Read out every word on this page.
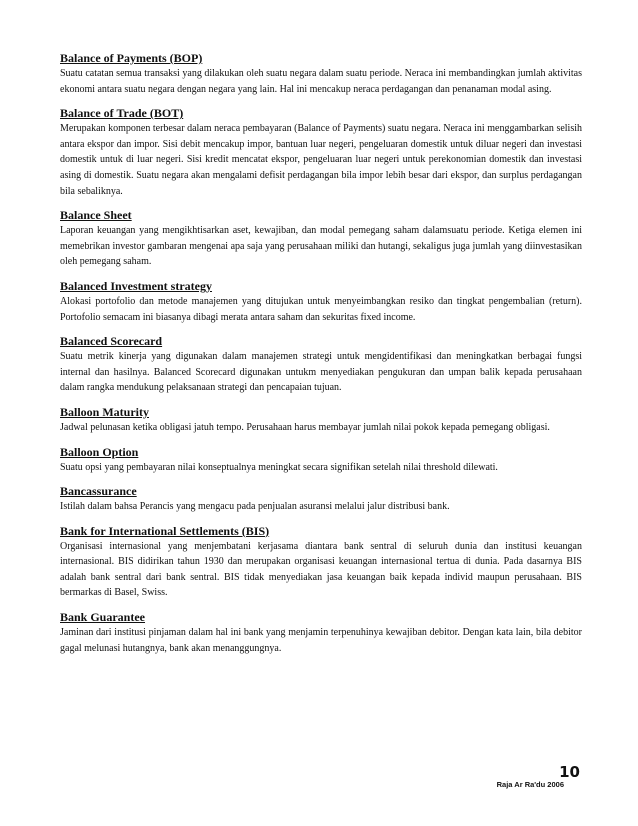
Balance of Payments (BOP)
Suatu catatan semua transaksi yang dilakukan oleh suatu negara dalam suatu periode. Neraca ini membandingkan jumlah aktivitas ekonomi antara suatu negara dengan negara yang lain. Hal ini mencakup neraca perdagangan dan penanaman modal asing.
Balance of Trade (BOT)
Merupakan komponen terbesar dalam neraca pembayaran (Balance of Payments) suatu negara. Neraca ini menggambarkan selisih antara ekspor dan impor. Sisi debit mencakup impor, bantuan luar negeri, pengeluaran domestik untuk diluar negeri dan investasi domestik untuk di luar negeri. Sisi kredit mencatat ekspor, pengeluaran luar negeri untuk perekonomian domestik dan investasi asing di domestik. Suatu negara akan mengalami defisit perdagangan bila impor lebih besar dari ekspor, dan surplus perdagangan bila sebaliknya.
Balance Sheet
Laporan keuangan yang mengikhtisarkan aset, kewajiban, dan modal pemegang saham dalamsuatu periode. Ketiga elemen ini memebrikan investor gambaran mengenai apa saja yang perusahaan miliki dan hutangi, sekaligus juga jumlah yang diinvestasikan oleh pemegang saham.
Balanced Investment strategy
Alokasi portofolio dan metode manajemen yang ditujukan untuk menyeimbangkan resiko dan tingkat pengembalian (return). Portofolio semacam ini biasanya dibagi merata antara saham dan sekuritas fixed income.
Balanced Scorecard
Suatu metrik kinerja yang digunakan dalam manajemen strategi untuk mengidentifikasi dan meningkatkan berbagai fungsi internal dan hasilnya. Balanced Scorecard digunakan untukm menyediakan pengukuran dan umpan balik kepada perusahaan dalam rangka mendukung pelaksanaan strategi dan pencapaian tujuan.
Balloon Maturity
Jadwal pelunasan ketika obligasi jatuh tempo. Perusahaan harus membayar jumlah nilai pokok kepada pemegang obligasi.
Balloon Option
Suatu opsi yang pembayaran nilai konseptualnya meningkat secara signifikan setelah nilai threshold dilewati.
Bancassurance
Istilah dalam bahsa Perancis yang mengacu pada penjualan asuransi melalui jalur distribusi bank.
Bank for International Settlements (BIS)
Organisasi internasional yang menjembatani kerjasama diantara bank sentral di seluruh dunia dan institusi keuangan internasional. BIS didirikan tahun 1930 dan merupakan organisasi keuangan internasional tertua di dunia. Pada dasarnya BIS adalah bank sentral dari bank sentral. BIS tidak menyediakan jasa keuangan baik kepada individ maupun perusahaan. BIS bermarkas di Basel, Swiss.
Bank Guarantee
Jaminan dari institusi pinjaman dalam hal ini bank yang menjamin terpenuhinya kewajiban debitor. Dengan kata lain, bila debitor gagal melunasi hutangnya, bank akan menanggungnya.
10
Raja Ar Ra'du 2006
